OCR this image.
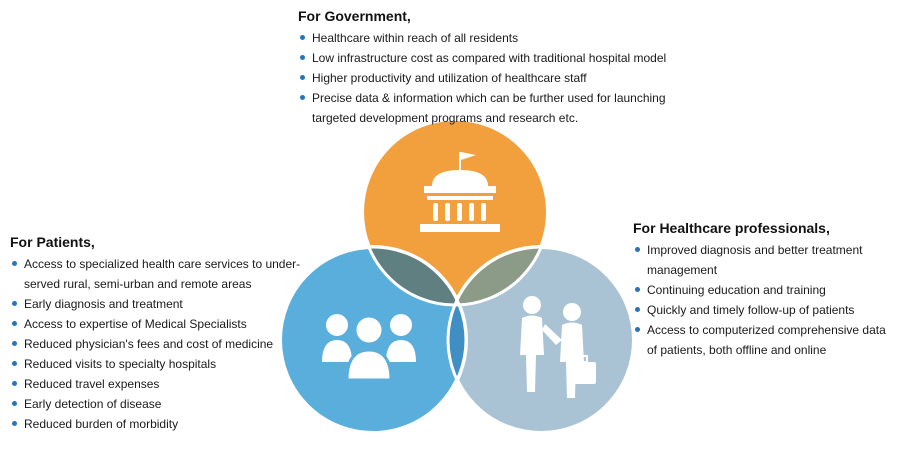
For Government,
Healthcare within reach of all residents
Low infrastructure cost as compared with traditional hospital model
Higher productivity and utilization of healthcare staff
Precise data & information which can be further used for launching targeted development programs and research etc.
For Patients,
Access to specialized health care services to under-served rural, semi-urban and remote areas
Early diagnosis and treatment
Access to expertise of Medical Specialists
Reduced physician's fees and cost of medicine
Reduced visits to specialty hospitals
Reduced travel expenses
Early detection of disease
Reduced burden of morbidity
For Healthcare professionals,
Improved diagnosis and better treatment management
Continuing education and training
Quickly and timely follow-up of patients
Access to computerized comprehensive data of patients, both offline and online
